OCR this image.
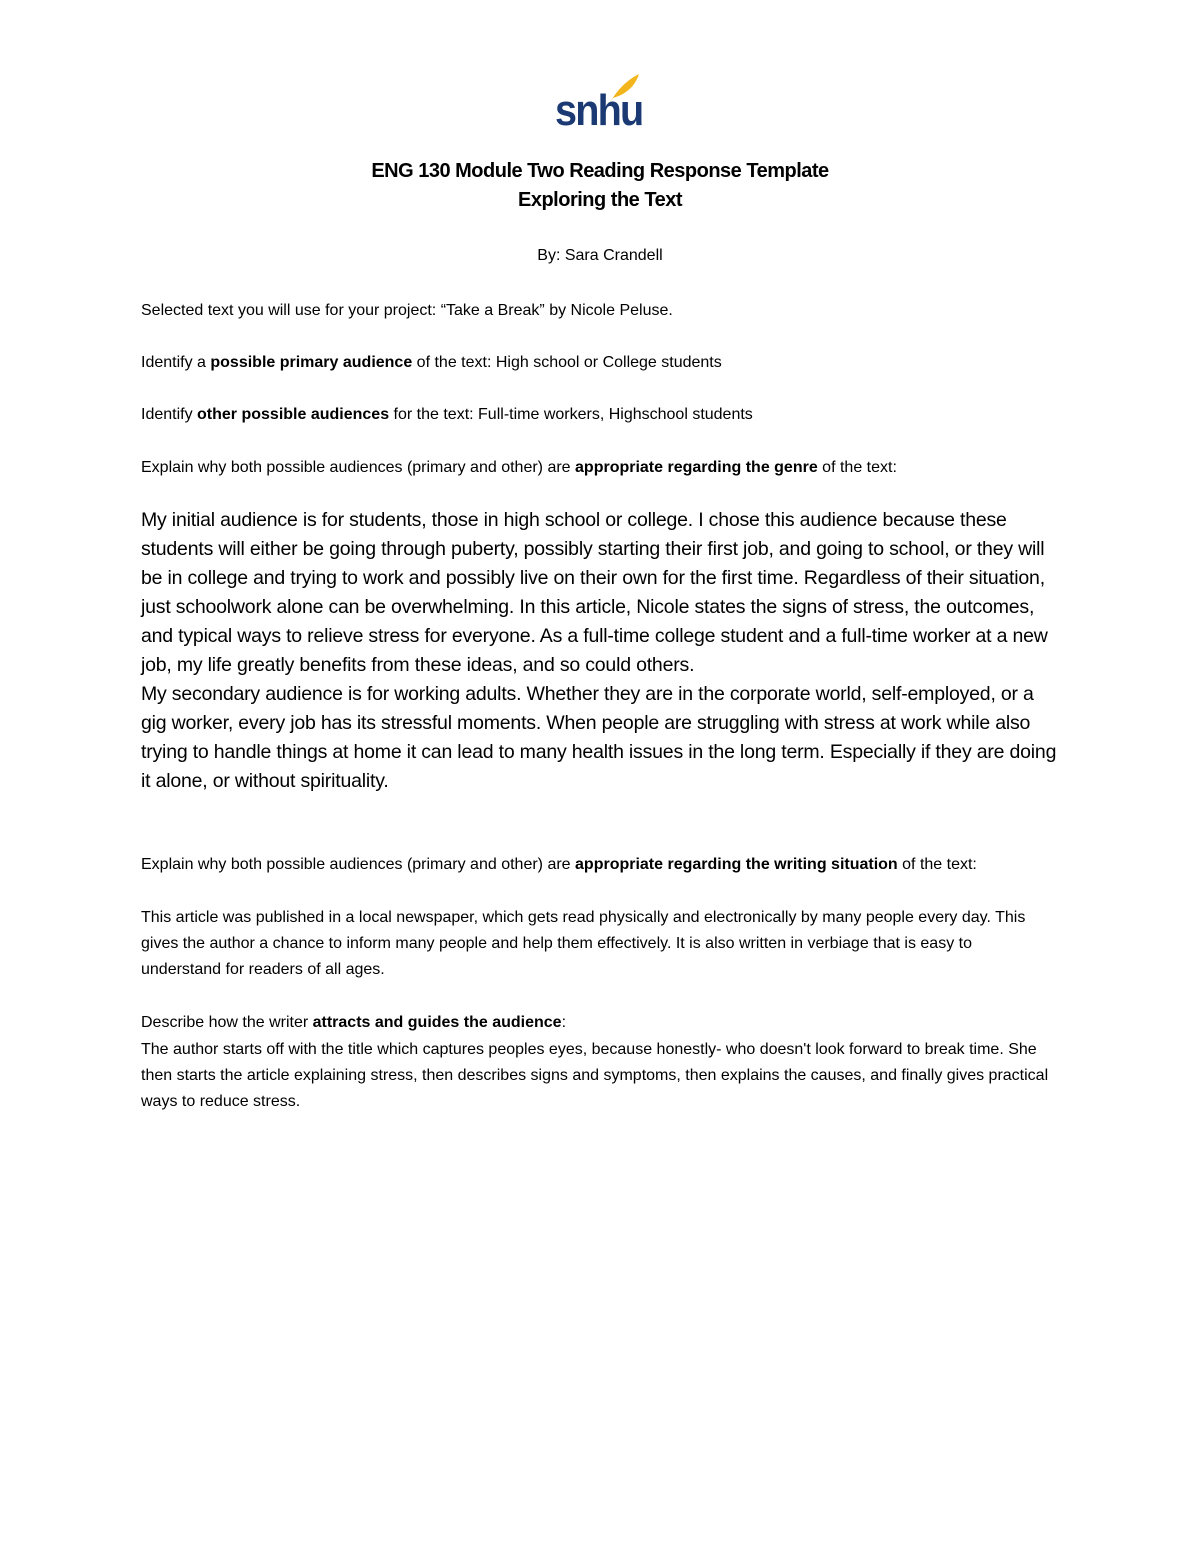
snhu
ENG 130 Module Two Reading Response Template
Exploring the Text
By: Sara Crandell
Selected text you will use for your project: “Take a Break” by Nicole Peluse.
Identify a possible primary audience of the text: High school or College students
Identify other possible audiences for the text: Full-time workers, Highschool students
Explain why both possible audiences (primary and other) are appropriate regarding the genre of the text:
My initial audience is for students, those in high school or college. I chose this audience because these students will either be going through puberty, possibly starting their first job, and going to school, or they will be in college and trying to work and possibly live on their own for the first time. Regardless of their situation, just schoolwork alone can be overwhelming. In this article, Nicole states the signs of stress, the outcomes, and typical ways to relieve stress for everyone. As a full-time college student and a full-time worker at a new job, my life greatly benefits from these ideas, and so could others.
My secondary audience is for working adults. Whether they are in the corporate world, self-employed, or a gig worker, every job has its stressful moments. When people are struggling with stress at work while also trying to handle things at home it can lead to many health issues in the long term. Especially if they are doing it alone, or without spirituality.
Explain why both possible audiences (primary and other) are appropriate regarding the writing situation of the text:
This article was published in a local newspaper, which gets read physically and electronically by many people every day. This gives the author a chance to inform many people and help them effectively. It is also written in verbiage that is easy to understand for readers of all ages.
Describe how the writer attracts and guides the audience:
The author starts off with the title which captures peoples eyes, because honestly- who doesn't look forward to break time. She then starts the article explaining stress, then describes signs and symptoms, then explains the causes, and finally gives practical ways to reduce stress.
